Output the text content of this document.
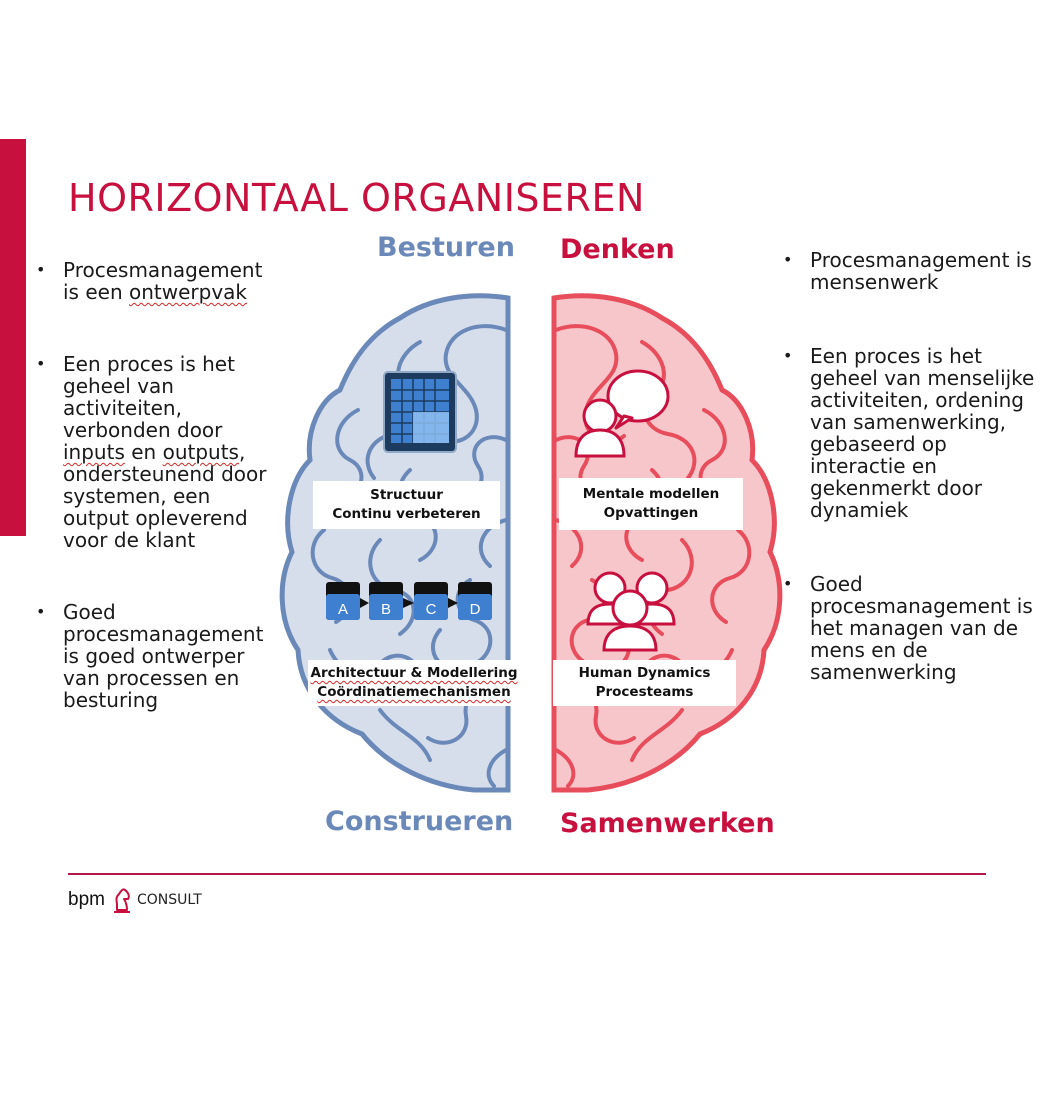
HORIZONTAAL ORGANISEREN
• Procesmanagement is een ontwerpvak
• Een proces is het geheel van activiteiten, verbonden door inputs en outputs, ondersteunend door systemen, een output opleverend voor de klant
• Goed procesmanagement is goed ontwerper van processen en besturing
• Procesmanagement is mensenwerk
• Een proces is het geheel van menselijke activiteiten, ordening van samenwerking, gebaseerd op interactie en gekenmerkt door dynamiek
• Goed procesmanagement is het managen van de mens en de samenwerking
Besturen Denken
Construeren Samenwerken
A B C D
Structuur
Continu verbeteren
Mentale modellen
Opvattingen
Architectuur & Modellering
Coördinatiemechanismen
Human Dynamics
Procesteams
bpm CONSULT
